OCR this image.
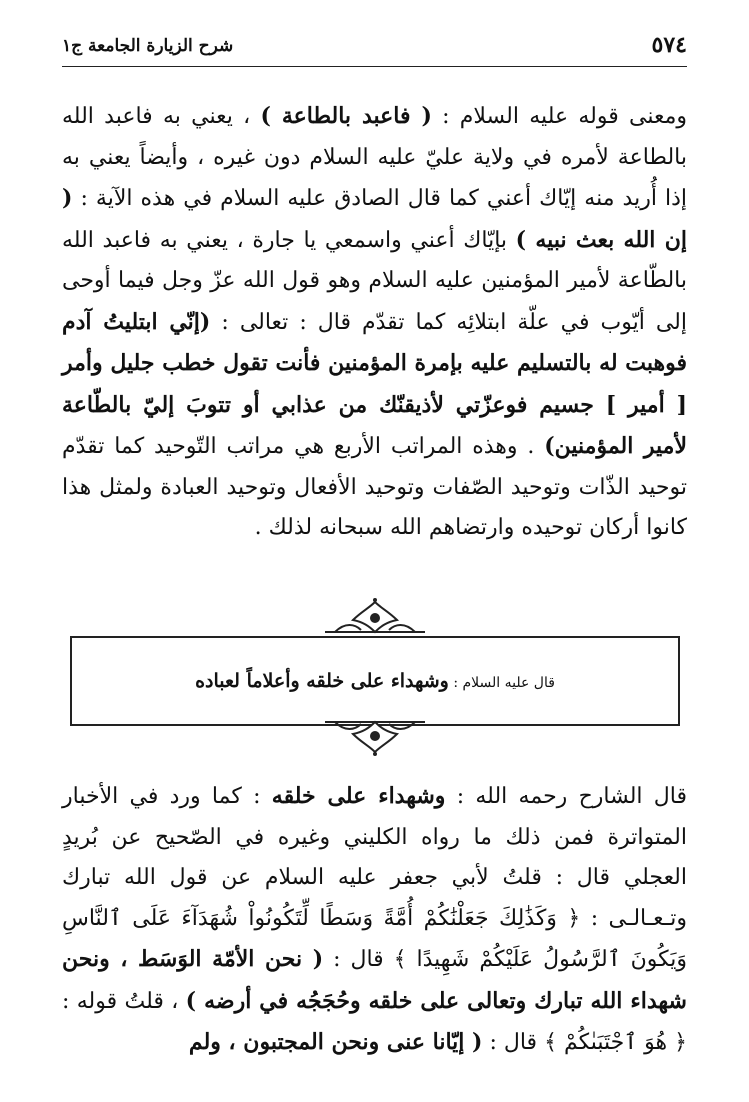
٥٧٤
شرح الزيارة الجامعة ج١

ومعنى قوله عليه السلام : ( فاعبد بالطاعة ) ، يعني به فاعبد الله بالطاعة لأمره في ولاية عليّ عليه السلام دون غيره ، وأيضاً يعني به إذا أُريد منه إيّاك أعني كما قال الصادق عليه السلام في هذه الآية : ( إن الله بعث نبيه ) بإيّاك أعني واسمعي يا جارة ، يعني به فاعبد الله بالطّاعة لأمير المؤمنين عليه السلام وهو قول الله عزّ وجل فيما أوحى إلى أيّوب في علّة ابتلائِه كما تقدّم قال : تعالى : (إنّي ابتليتُ آدم فوهبت له بالتسليم عليه بإمرة المؤمنين فأنت تقول خطب جليل وأمر [ أمير ] جسيم فوعزّتي لأذيقنّك من عذابي أو تتوبَ إليّ بالطّاعة لأمير المؤمنين) . وهذه المراتب الأربع هي مراتب التّوحيد كما تقدّم توحيد الذّات وتوحيد الصّفات وتوحيد الأفعال وتوحيد العبادة ولمثل هذا كانوا أركان توحيده وارتضاهم الله سبحانه لذلك .

قال عليه السلام : وشهداء على خلقه وأعلاماً لعباده

قال الشارح رحمه الله : وشهداء على خلقه : كما ورد في الأخبار المتواترة فمن ذلك ما رواه الكليني وغيره في الصّحيح عن بُريدٍ العجلي قال : قلتُ لأبي جعفر عليه السلام عن قول الله تبارك وتـعـالـى : ﴿ وَكَذَٰلِكَ جَعَلْنَٰكُمْ أُمَّةً وَسَطًا لِّتَكُونُواْ شُهَدَآءَ عَلَى ٱلنَّاسِ وَيَكُونَ ٱلرَّسُولُ عَلَيْكُمْ شَهِيدًا ﴾ قال : ( نحن الأمّة الوَسَط ، ونحن شهداء الله تبارك وتعالى على خلقه وحُجَجُه في أرضه ) ، قلتُ قوله : ﴿ هُوَ ٱجْتَبَىٰكُمْ ﴾ قال : ( إيّانا عنى ونحن المجتبون ، ولم
